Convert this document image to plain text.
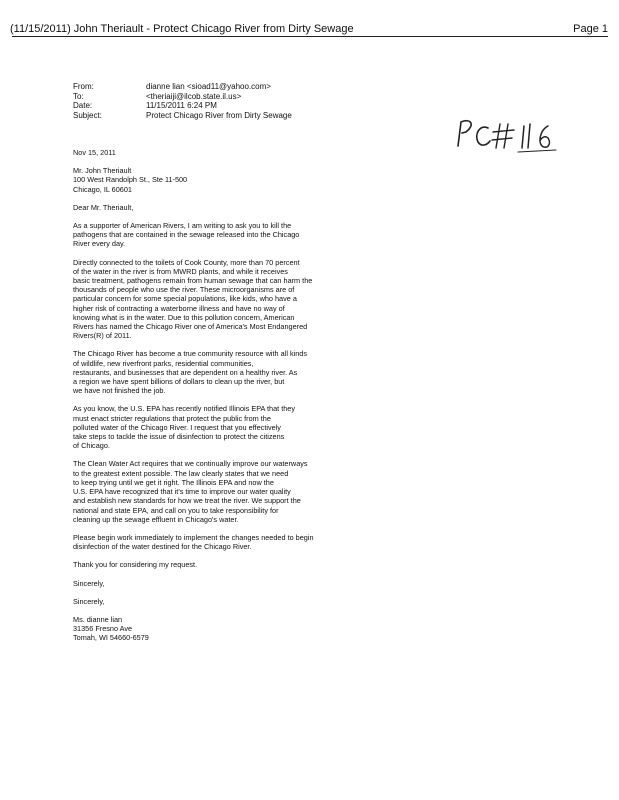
(11/15/2011) John Theriault - Protect Chicago River from Dirty Sewage	Page 1
From:	dianne lian <sioad11@yahoo.com>
To:	<theriaiji@ilcob.state.il.us>
Date:	11/15/2011 6:24 PM
Subject:	Protect Chicago River from Dirty Sewage
Nov 15, 2011
Mr. John Theriault
100 West Randolph St., Ste 11-500
Chicago, IL 60601
Dear Mr. Theriault,
As a supporter of American Rivers, I am writing to ask you to kill the
pathogens that are contained in the sewage released into the Chicago
River every day.
Directly connected to the toilets of Cook County, more than 70 percent
of the water in the river is from MWRD plants, and while it receives
basic treatment, pathogens remain from human sewage that can harm the
thousands of people who use the river. These microorganisms are of
particular concern for some special populations, like kids, who have a
higher risk of contracting a waterborne illness and have no way of
knowing what is in the water. Due to this pollution concern, American
Rivers has named the Chicago River one of America's Most Endangered
Rivers(R) of 2011.
The Chicago River has become a true community resource with all kinds
of wildlife, new riverfront parks, residential communities,
restaurants, and businesses that are dependent on a healthy river. As
a region we have spent billions of dollars to clean up the river, but
we have not finished the job.
As you know, the U.S. EPA has recently notified Illinois EPA that they
must enact stricter regulations that protect the public from the
polluted water of the Chicago River. I request that you effectively
take steps to tackle the issue of disinfection to protect the citizens
of Chicago.
The Clean Water Act requires that we continually improve our waterways
to the greatest extent possible. The law clearly states that we need
to keep trying until we get it right. The Illinois EPA and now the
U.S. EPA have recognized that it's time to improve our water quality
and establish new standards for how we treat the river. We support the
national and state EPA, and call on you to take responsibility for
cleaning up the sewage effluent in Chicago's water.
Please begin work immediately to implement the changes needed to begin
disinfection of the water destined for the Chicago River.
Thank you for considering my request.
Sincerely,
Sincerely,
Ms. dianne lian
31356 Fresno Ave
Tomah, WI 54660-6579
